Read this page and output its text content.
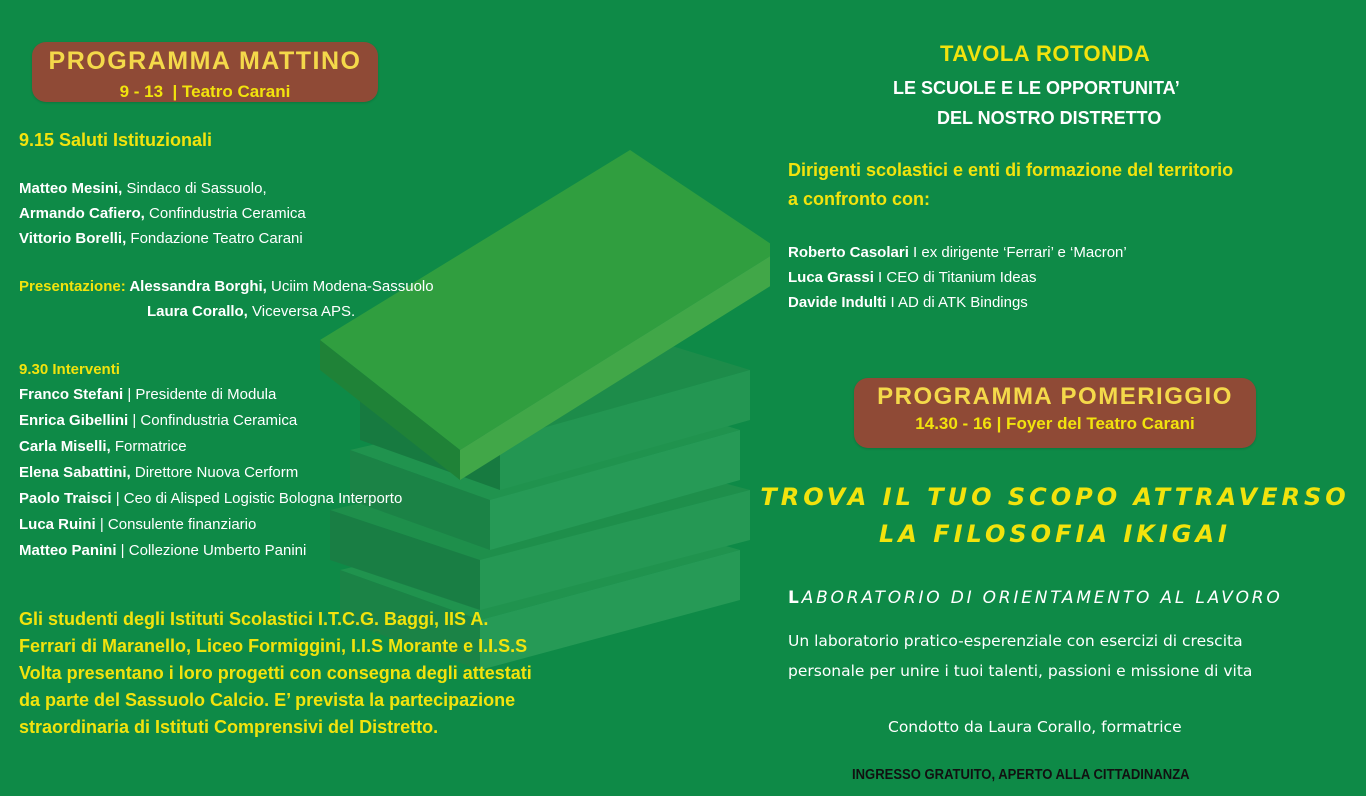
PROGRAMMA MATTINO
9 - 13  | Teatro Carani
9.15 Saluti Istituzionali
Matteo Mesini, Sindaco di Sassuolo,
Armando Cafiero, Confindustria Ceramica
Vittorio Borelli, Fondazione Teatro Carani
Presentazione: Alessandra Borghi, Uciim Modena-Sassuolo
Laura Corallo, Viceversa APS.
9.30 Interventi
Franco Stefani | Presidente di Modula
Enrica Gibellini | Confindustria Ceramica
Carla Miselli, Formatrice
Elena Sabattini, Direttore Nuova Cerform
Paolo Traisci | Ceo di Alisped Logistic Bologna Interporto
Luca Ruini | Consulente finanziario
Matteo Panini | Collezione Umberto Panini
Gli studenti degli Istituti Scolastici I.T.C.G. Baggi, IIS A.
Ferrari di Maranello, Liceo Formiggini, I.I.S Morante e I.I.S.S
Volta presentano i loro progetti con consegna degli attestati
da parte del Sassuolo Calcio. E’ prevista la partecipazione
straordinaria di Istituti Comprensivi del Distretto.
TAVOLA ROTONDA
LE SCUOLE E LE OPPORTUNITA’
DEL NOSTRO DISTRETTO
Dirigenti scolastici e enti di formazione del territorio
a confronto con:
Roberto Casolari I ex dirigente ‘Ferrari’ e ‘Macron’
Luca Grassi I CEO di Titanium Ideas
Davide Indulti I AD di ATK Bindings
PROGRAMMA POMERIGGIO
14.30 - 16 | Foyer del Teatro Carani
TROVA IL TUO SCOPO ATTRAVERSO
LA FILOSOFIA IKIGAI
LABORATORIO DI ORIENTAMENTO AL LAVORO
Un laboratorio pratico-esperenziale con esercizi di crescita
personale per unire i tuoi talenti, passioni e missione di vita
Condotto da Laura Corallo, formatrice
INGRESSO GRATUITO, APERTO ALLA CITTADINANZA
